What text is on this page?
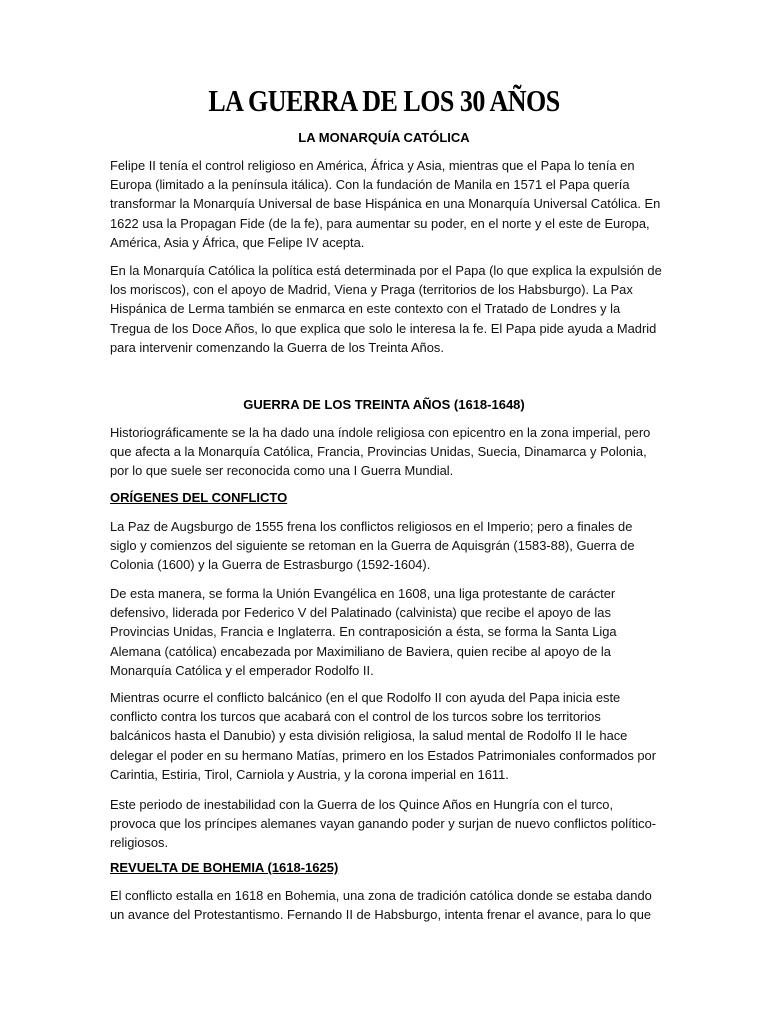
LA GUERRA DE LOS 30 AÑOS
LA MONARQUÍA CATÓLICA

Felipe II tenía el control religioso en América, África y Asia, mientras que el Papa lo tenía en Europa (limitado a la península itálica). Con la fundación de Manila en 1571 el Papa quería transformar la Monarquía Universal de base Hispánica en una Monarquía Universal Católica. En 1622 usa la Propagan Fide (de la fe), para aumentar su poder, en el norte y el este de Europa, América, Asia y África, que Felipe IV acepta.

En la Monarquía Católica la política está determinada por el Papa (lo que explica la expulsión de los moriscos), con el apoyo de Madrid, Viena y Praga (territorios de los Habsburgo). La Pax Hispánica de Lerma también se enmarca en este contexto con el Tratado de Londres y la Tregua de los Doce Años, lo que explica que solo le interesa la fe. El Papa pide ayuda a Madrid para intervenir comenzando la Guerra de los Treinta Años.

GUERRA DE LOS TREINTA AÑOS (1618-1648)

Historiográficamente se la ha dado una índole religiosa con epicentro en la zona imperial, pero que afecta a la Monarquía Católica, Francia, Provincias Unidas, Suecia, Dinamarca y Polonia, por lo que suele ser reconocida como una I Guerra Mundial.

ORÍGENES DEL CONFLICTO

La Paz de Augsburgo de 1555 frena los conflictos religiosos en el Imperio; pero a finales de siglo y comienzos del siguiente se retoman en la Guerra de Aquisgrán (1583-88), Guerra de Colonia (1600) y la Guerra de Estrasburgo (1592-1604).

De esta manera, se forma la Unión Evangélica en 1608, una liga protestante de carácter defensivo, liderada por Federico V del Palatinado (calvinista) que recibe el apoyo de las Provincias Unidas, Francia e Inglaterra. En contraposición a ésta, se forma la Santa Liga Alemana (católica) encabezada por Maximiliano de Baviera, quien recibe al apoyo de la Monarquía Católica y el emperador Rodolfo II.

Mientras ocurre el conflicto balcánico (en el que Rodolfo II con ayuda del Papa inicia este conflicto contra los turcos que acabará con el control de los turcos sobre los territorios balcánicos hasta el Danubio) y esta división religiosa, la salud mental de Rodolfo II le hace delegar el poder en su hermano Matías, primero en los Estados Patrimoniales conformados por Carintia, Estiria, Tirol, Carniola y Austria, y la corona imperial en 1611.

Este periodo de inestabilidad con la Guerra de los Quince Años en Hungría con el turco, provoca que los príncipes alemanes vayan ganando poder y surjan de nuevo conflictos político-religiosos.

REVUELTA DE BOHEMIA (1618-1625)

El conflicto estalla en 1618 en Bohemia, una zona de tradición católica donde se estaba dando un avance del Protestantismo. Fernando II de Habsburgo, intenta frenar el avance, para lo que
